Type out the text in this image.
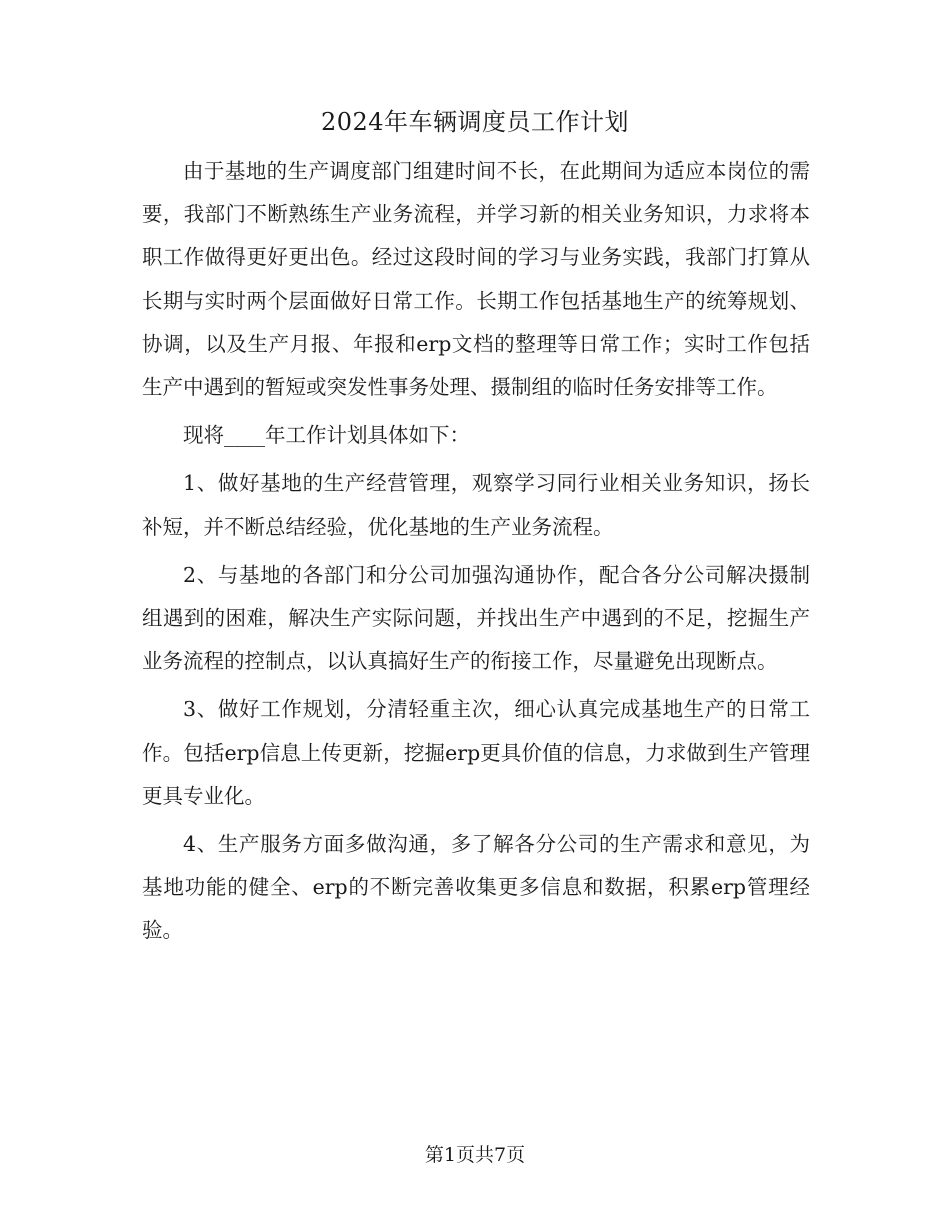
2024年车辆调度员工作计划

由于基地的生产调度部门组建时间不长，在此期间为适应本岗位的需要，我部门不断熟练生产业务流程，并学习新的相关业务知识，力求将本职工作做得更好更出色。经过这段时间的学习与业务实践，我部门打算从长期与实时两个层面做好日常工作。长期工作包括基地生产的统筹规划、协调，以及生产月报、年报和erp文档的整理等日常工作；实时工作包括生产中遇到的暂短或突发性事务处理、摄制组的临时任务安排等工作。

现将____年工作计划具体如下：

1、做好基地的生产经营管理，观察学习同行业相关业务知识，扬长补短，并不断总结经验，优化基地的生产业务流程。

2、与基地的各部门和分公司加强沟通协作，配合各分公司解决摄制组遇到的困难，解决生产实际问题，并找出生产中遇到的不足，挖掘生产业务流程的控制点，以认真搞好生产的衔接工作，尽量避免出现断点。

3、做好工作规划，分清轻重主次，细心认真完成基地生产的日常工作。包括erp信息上传更新，挖掘erp更具价值的信息，力求做到生产管理更具专业化。

4、生产服务方面多做沟通，多了解各分公司的生产需求和意见，为基地功能的健全、erp的不断完善收集更多信息和数据，积累erp管理经验。

第1页共7页
